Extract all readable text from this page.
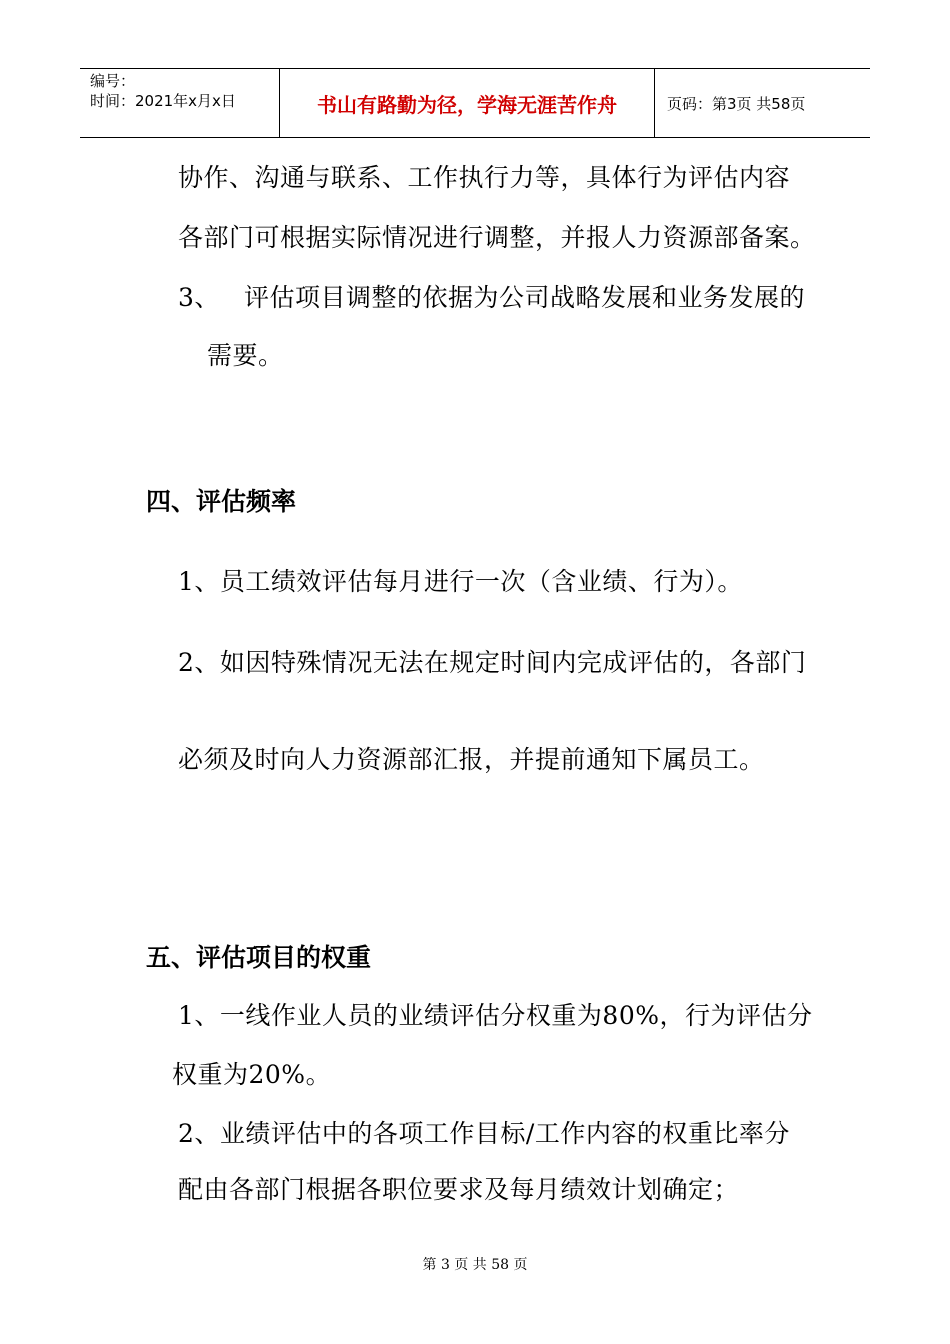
编号：
时间：2021年x月x日	书山有路勤为径，学海无涯苦作舟	页码：第3页 共58页
协作、沟通与联系、工作执行力等，具体行为评估内容
各部门可根据实际情况进行调整，并报人力资源部备案。
3、 评估项目调整的依据为公司战略发展和业务发展的
需要。
四、评估频率
1、员工绩效评估每月进行一次（含业绩、行为）。
2、如因特殊情况无法在规定时间内完成评估的，各部门
必须及时向人力资源部汇报，并提前通知下属员工。
五、评估项目的权重
1、一线作业人员的业绩评估分权重为80%，行为评估分
权重为20%。
2、业绩评估中的各项工作目标/工作内容的权重比率分
配由各部门根据各职位要求及每月绩效计划确定；
第 3 页 共 58 页
